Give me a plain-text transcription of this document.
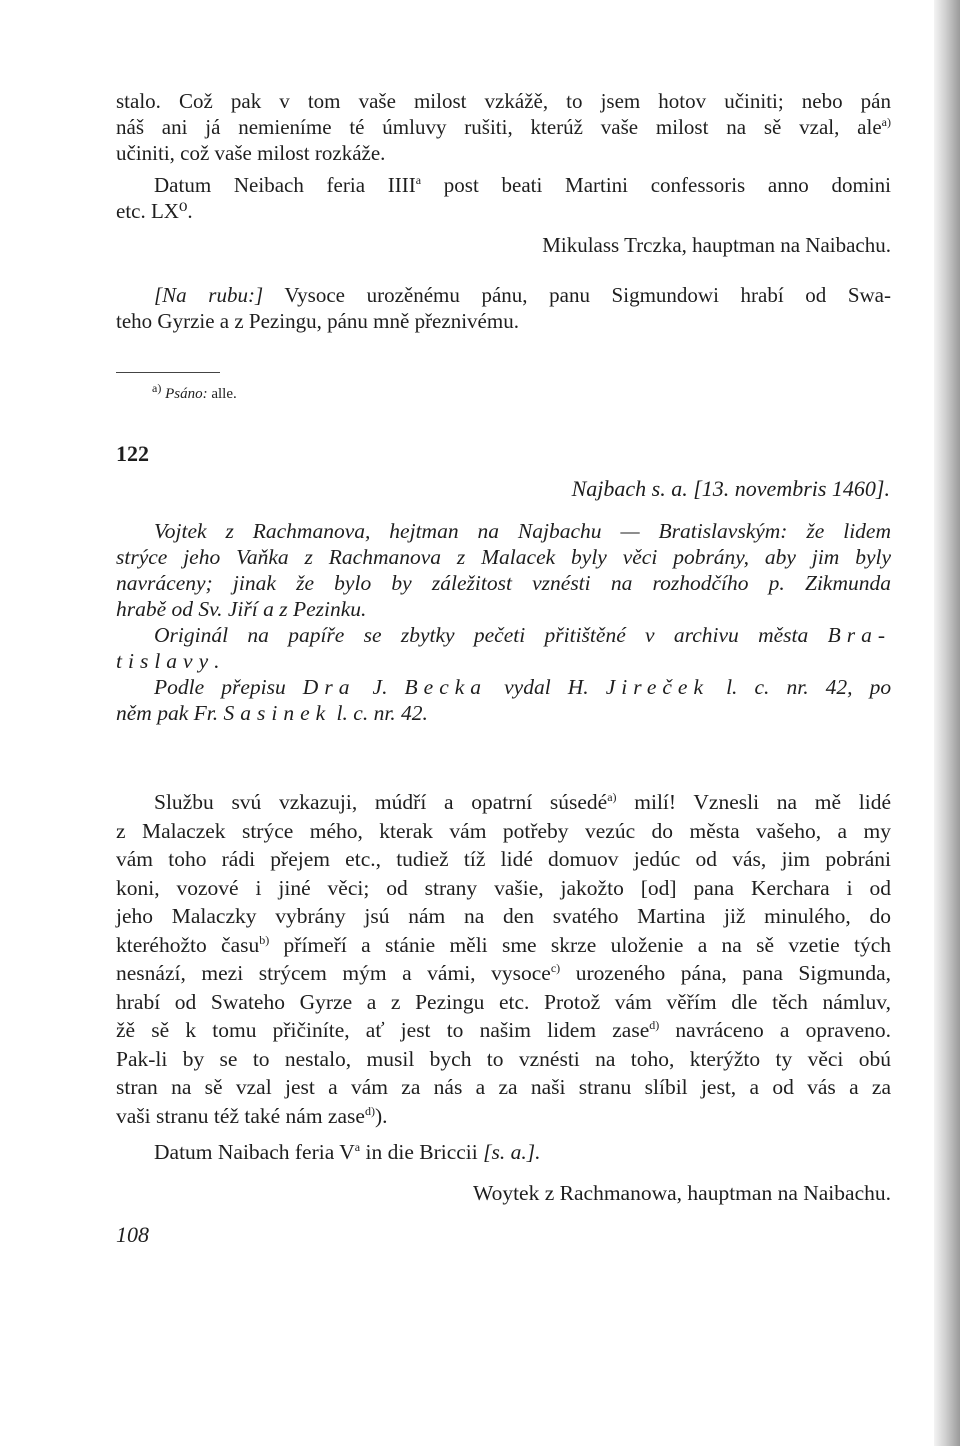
stalo. Což pak v tom vaše milost vzkážě, to jsem hotov učiniti; nebo pán

náš ani já nemieníme té úmluvy rušiti, kterúž vaše milost na sě vzal, ale$^{a)}$

učiniti, což vaše milost rozkáže.

Datum Neibach feria IIII$^a$ post beati Martini confessoris anno domini

etc. LX⁰.

Mikulass Trczka, hauptman na Naibachu.

[Na rubu:] Vysoce urozěnému pánu, panu Sigmundowi hrabí od Swa-

teho Gyrzie a z Pezingu, pánu mně přeznivému.

$^{a)}$ Psáno: alle.

122

Najbach s. a. [13. novembris 1460].

Vojtek z Rachmanova, hejtman na Najbachu — Bratislavským: že lidem

strýce jeho Vaňka z Rachmanova z Malacek byly věci pobrány, aby jim byly

navráceny; jinak že bylo by záležitost vznésti na rozhodčího p. Zikmunda

hrabě od Sv. Jiří a z Pezinku.

Originál na papíře se zbytky pečeti přitištěné v archivu města Bra-

tislavy.

Podle přepisu Dra J. Becka vydal H. Jireček l. c. nr. 42, po

něm pak Fr. Sasinek l. c. nr. 42.

Službu svú vzkazuji, múdří a opatrní súsedé$^{a)}$ milí! Vznesli na mě lidé

z Malaczek strýce mého, kterak vám potřeby vezúc do města vašeho, a my

vám toho rádi přejem etc., tudiež tíž lidé domuov jedúc od vás, jim pobráni

koni, vozové i jiné věci; od strany vašie, jakožto [od] pana Kerchara i od

jeho Malaczky vybrány jsú nám na den svatého Martina již minulého, do

kteréhožto času$^{b)}$ přímeří a stánie měli sme skrze uloženie a na sě vzetie tých

nesnází, mezi strýcem mým a vámi, vysoce$^{c)}$ urozeného pána, pana Sigmunda,

hrabí od Swateho Gyrze a z Pezingu etc. Protož vám věřím dle těch námluv,

žě sě k tomu přičiníte, ať jest to našim lidem zase$^{d)}$ navráceno a opraveno.

Pak-li by se to nestalo, musil bych to vznésti na toho, kterýžto ty věci obú

stran na sě vzal jest a vám za nás a za naši stranu slíbil jest, a od vás a za

vaši stranu též také nám zase$^{d)}$).

Datum Naibach feria $V^a$ in die Briccii [s. a.].

Woytek z Rachmanowa, hauptman na Naibachu.

108
